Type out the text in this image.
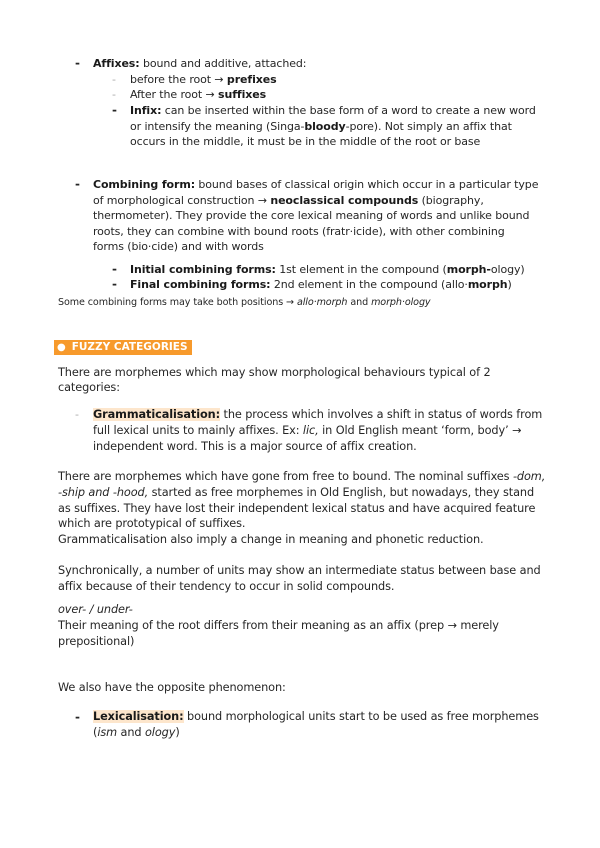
- Affixes: bound and additive, attached:
- before the root → prefixes
- After the root → suffixes
- Infix: can be inserted within the base form of a word to create a new word
or intensify the meaning (Singa-bloody-pore). Not simply an affix that
occurs in the middle, it must be in the middle of the root or base
- Combining form: bound bases of classical origin which occur in a particular type
of morphological construction → neoclassical compounds (biography,
thermometer). They provide the core lexical meaning of words and unlike bound
roots, they can combine with bound roots (fratr·icide), with other combining
forms (bio·cide) and with words
- Initial combining forms: 1st element in the compound (morph-ology)
- Final combining forms: 2nd element in the compound (allo·morph)
Some combining forms may take both positions → allo·morph and morph·ology
● FUZZY CATEGORIES
There are morphemes which may show morphological behaviours typical of 2
categories:
- Grammaticalisation: the process which involves a shift in status of words from
full lexical units to mainly affixes. Ex: lic, in Old English meant ‘form, body’ →
independent word. This is a major source of affix creation.
There are morphemes which have gone from free to bound. The nominal suffixes -dom,
-ship and -hood, started as free morphemes in Old English, but nowadays, they stand
as suffixes. They have lost their independent lexical status and have acquired feature
which are prototypical of suffixes.
Grammaticalisation also imply a change in meaning and phonetic reduction.
Synchronically, a number of units may show an intermediate status between base and
affix because of their tendency to occur in solid compounds.
over- / under-
Their meaning of the root differs from their meaning as an affix (prep → merely
prepositional)
We also have the opposite phenomenon:
- Lexicalisation: bound morphological units start to be used as free morphemes
(ism and ology)
